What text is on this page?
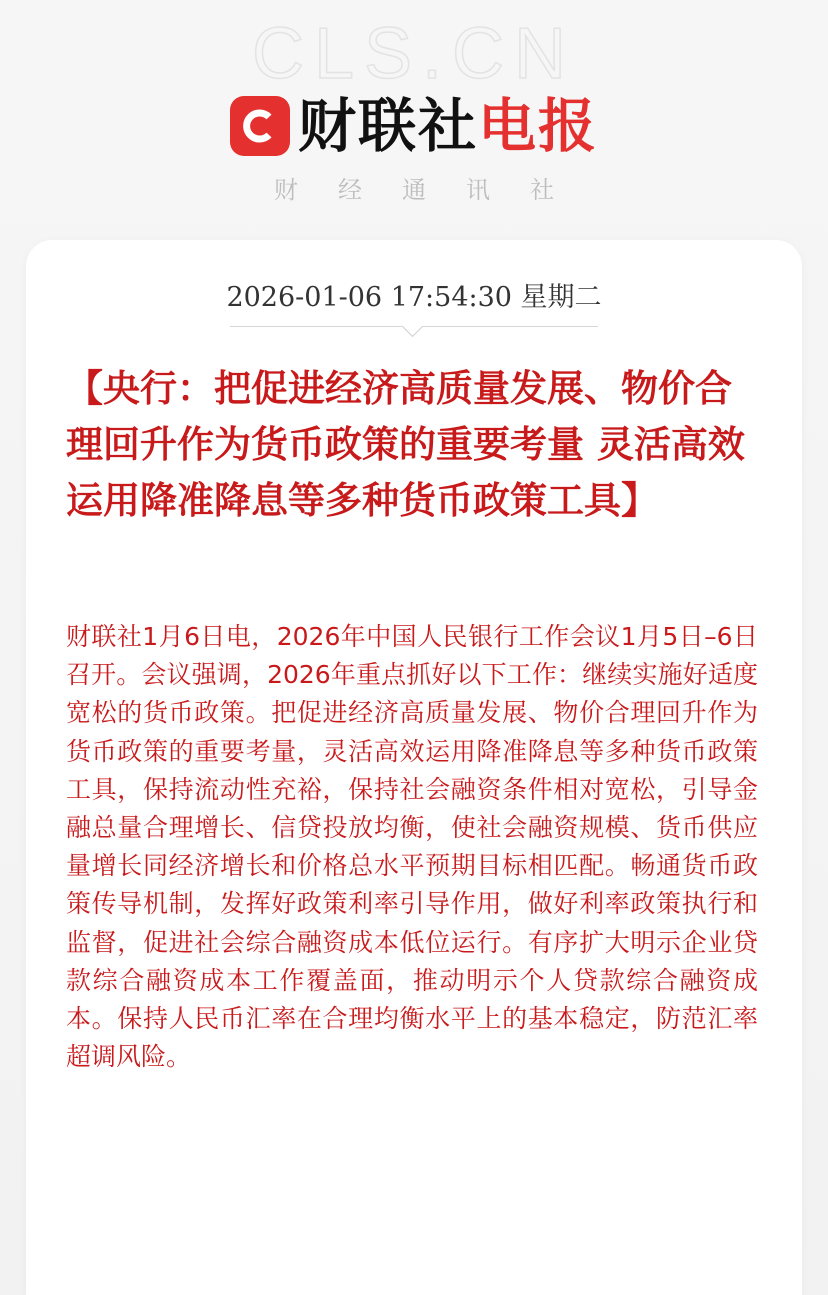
CLS.CN
财联社 电报
财经通讯社
2026-01-06 17:54:30 星期二
【央行：把促进经济高质量发展、物价合理回升作为货币政策的重要考量 灵活高效运用降准降息等多种货币政策工具】
财联社1月6日电，2026年中国人民银行工作会议1月5日–6日召开。会议强调，2026年重点抓好以下工作：继续实施好适度宽松的货币政策。把促进经济高质量发展、物价合理回升作为货币政策的重要考量，灵活高效运用降准降息等多种货币政策工具，保持流动性充裕，保持社会融资条件相对宽松，引导金融总量合理增长、信贷投放均衡，使社会融资规模、货币供应量增长同经济增长和价格总水平预期目标相匹配。畅通货币政策传导机制，发挥好政策利率引导作用，做好利率政策执行和监督，促进社会综合融资成本低位运行。有序扩大明示企业贷款综合融资成本工作覆盖面，推动明示个人贷款综合融资成本。保持人民币汇率在合理均衡水平上的基本稳定，防范汇率超调风险。
